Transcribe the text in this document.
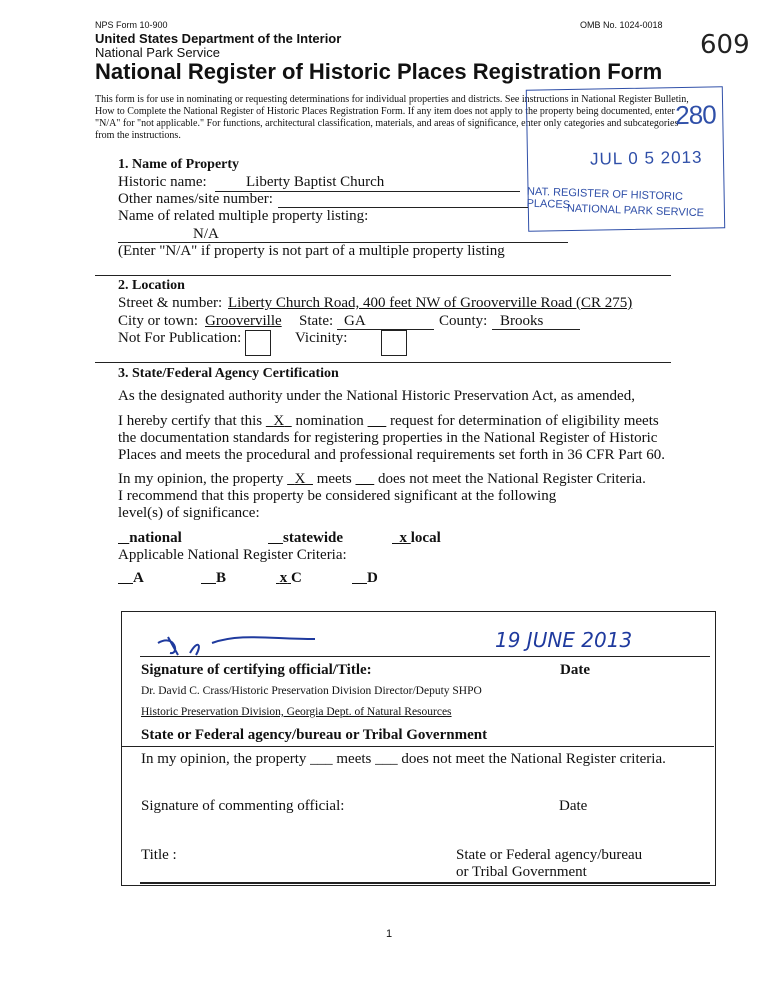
NPS Form 10-900	OMB No. 1024-0018
United States Department of the Interior
National Park Service
National Register of Historic Places Registration Form
609
This form is for use in nominating or requesting determinations for individual properties and districts. See instructions in National Register Bulletin, How to Complete the National Register of Historic Places Registration Form. If any item does not apply to the property being documented, enter "N/A" for "not applicable." For functions, architectural classification, materials, and areas of significance, enter only categories and subcategories from the instructions.
280
JUL 0 5 2013
NAT. REGISTER OF HISTORIC PLACES
NATIONAL PARK SERVICE
1. Name of Property
Historic name:	Liberty Baptist Church
Other names/site number:
Name of related multiple property listing:
N/A
(Enter "N/A" if property is not part of a multiple property listing
2. Location
Street & number: Liberty Church Road, 400 feet NW of Grooverville Road (CR 275)
City or town: Grooverville State: GA	County: Brooks
Not For Publication:	Vicinity:
3. State/Federal Agency Certification
As the designated authority under the National Historic Preservation Act, as amended,
I hereby certify that this X nomination request for determination of eligibility meets
the documentation standards for registering properties in the National Register of Historic
Places and meets the procedural and professional requirements set forth in 36 CFR Part 60.
In my opinion, the property X meets does not meet the National Register Criteria.
I recommend that this property be considered significant at the following
level(s) of significance:
national	statewide	x local
Applicable National Register Criteria:
A	B	x C	D
19 JUNE 2013
Signature of certifying official/Title:	Date
Dr. David C. Crass/Historic Preservation Division Director/Deputy SHPO
Historic Preservation Division, Georgia Dept. of Natural Resources
State or Federal agency/bureau or Tribal Government
In my opinion, the property ___ meets ___ does not meet the National Register criteria.
Signature of commenting official:	Date
Title :	State or Federal agency/bureau
or Tribal Government
1
